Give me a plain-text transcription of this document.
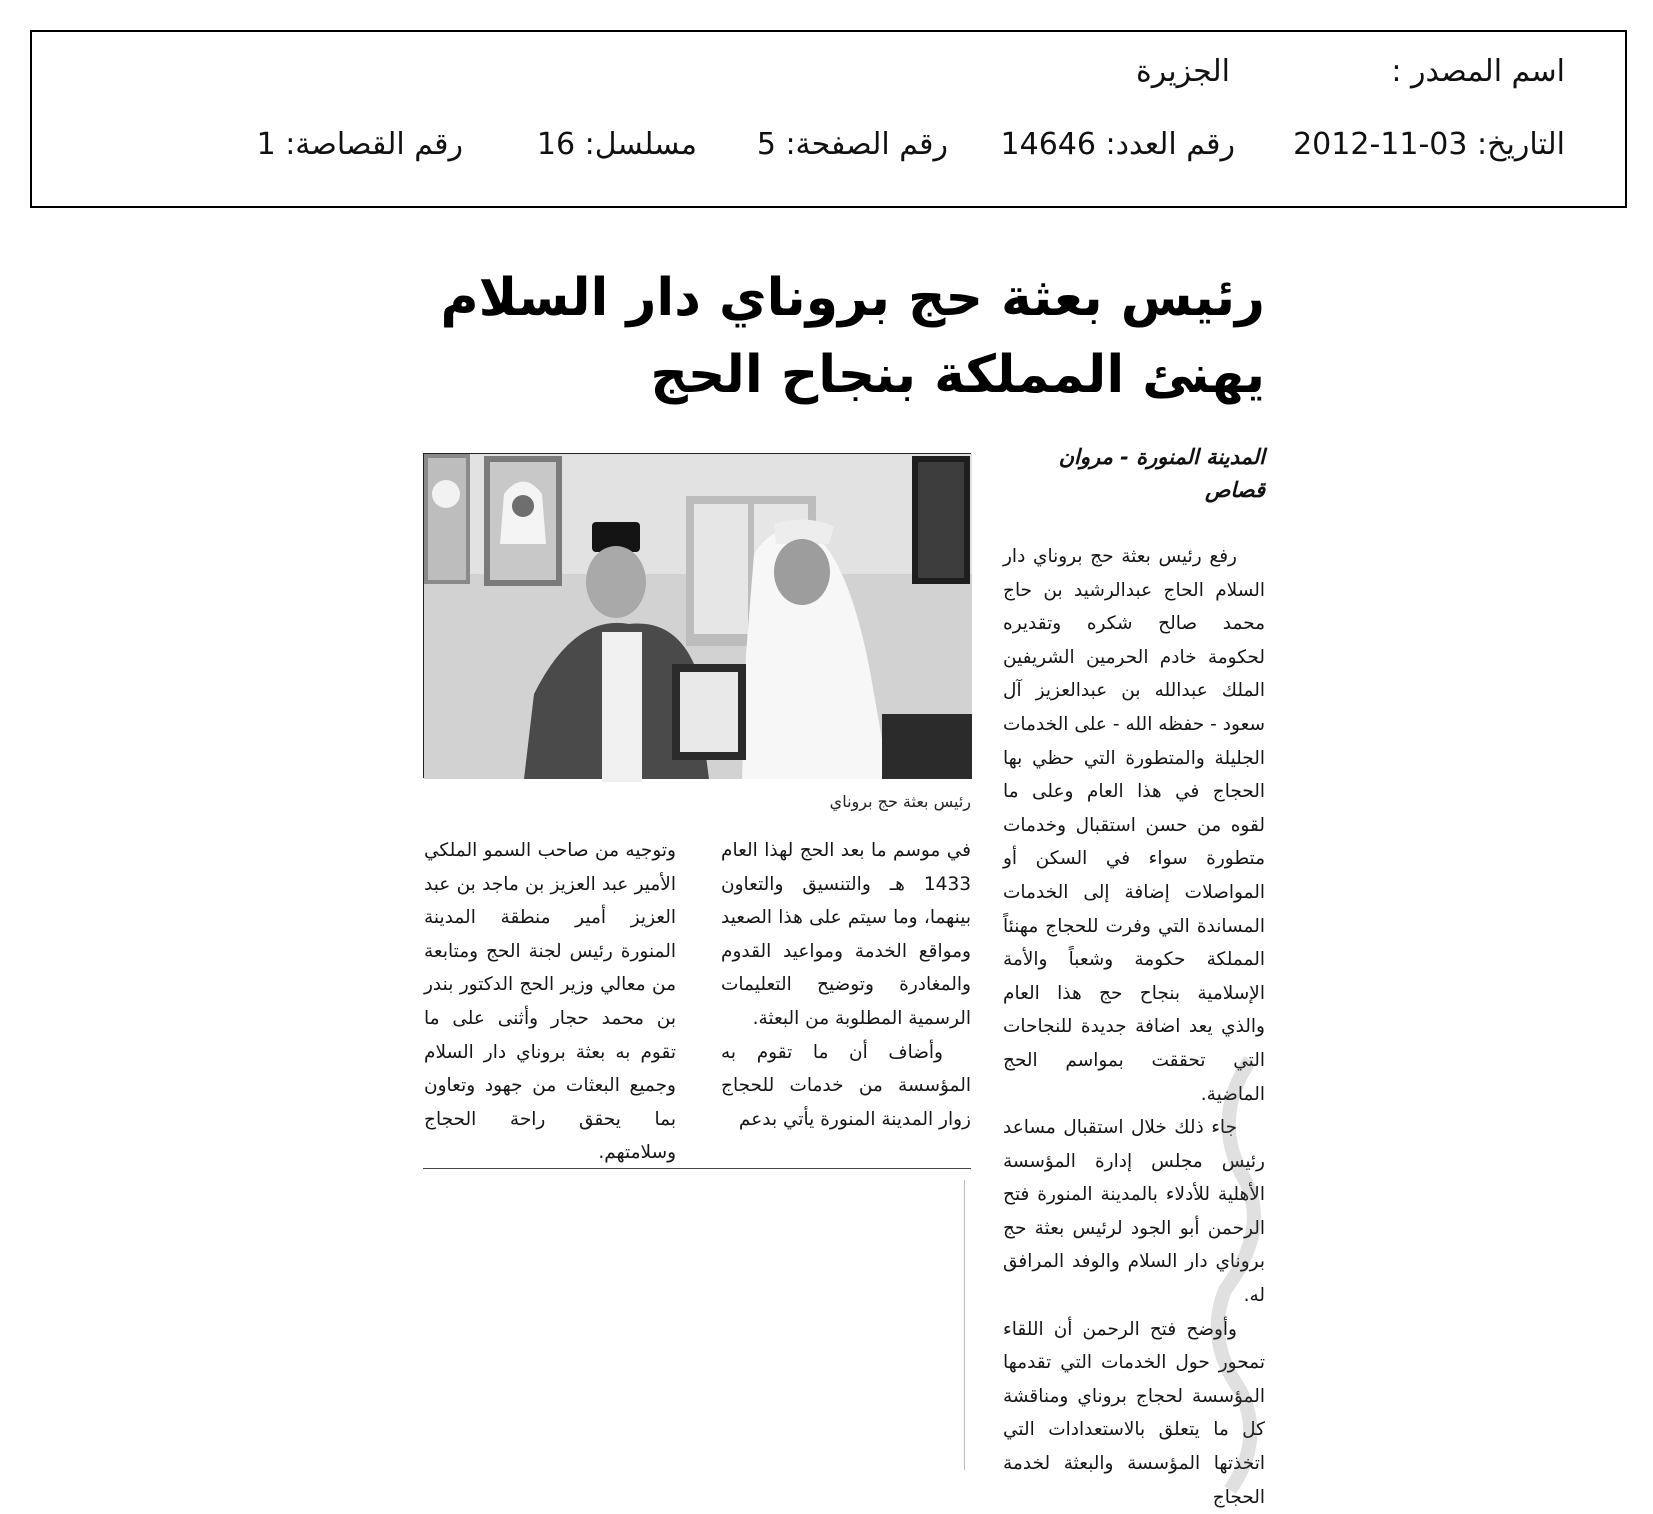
اسم المصدر :
الجزيرة
التاريخ: 03-11-2012
رقم العدد: 14646
رقم الصفحة: 5
مسلسل: 16
رقم القصاصة: 1
رئيس بعثة حج بروناي دار السلام
يهنئ المملكة بنجاح الحج
المدينة المنورة - مروان
قصاص

رفع رئيس بعثة حج بروناي دار السلام الحاج عبدالرشيد بن حاج محمد صالح شكره وتقديره لحكومة خادم الحرمين الشريفين الملك عبدالله بن عبدالعزيز آل سعود - حفظه الله - على الخدمات الجليلة والمتطورة التي حظي بها الحجاج في هذا العام وعلى ما لقوه من حسن استقبال وخدمات متطورة سواء في السكن أو المواصلات إضافة إلى الخدمات المساندة التي وفرت للحجاج مهنئاً المملكة حكومة وشعباً والأمة الإسلامية بنجاح حج هذا العام والذي يعد اضافة جديدة للنجاحات التي تحققت بمواسم الحج الماضية.

جاء ذلك خلال استقبال مساعد رئيس مجلس إدارة المؤسسة الأهلية للأدلاء بالمدينة المنورة فتح الرحمن أبو الجود لرئيس بعثة حج بروناي دار السلام والوفد المرافق له.

وأوضح فتح الرحمن أن اللقاء تمحور حول الخدمات التي تقدمها المؤسسة لحجاج بروناي ومناقشة كل ما يتعلق بالاستعدادات التي اتخذتها المؤسسة والبعثة لخدمة الحجاج

رئيس بعثة حج بروناي

في موسم ما بعد الحج لهذا العام 1433 هـ والتنسيق والتعاون بينهما، وما سيتم على هذا الصعيد ومواقع الخدمة ومواعيد القدوم والمغادرة وتوضيح التعليمات الرسمية المطلوبة من البعثة.

وأضاف أن ما تقوم به المؤسسة من خدمات للحجاج زوار المدينة المنورة يأتي بدعم

وتوجيه من صاحب السمو الملكي الأمير عبد العزيز بن ماجد بن عبد العزيز أمير منطقة المدينة المنورة رئيس لجنة الحج ومتابعة من معالي وزير الحج الدكتور بندر بن محمد حجار وأثنى على ما تقوم به بعثة بروناي دار السلام وجميع البعثات من جهود وتعاون بما يحقق راحة الحجاج وسلامتهم.
